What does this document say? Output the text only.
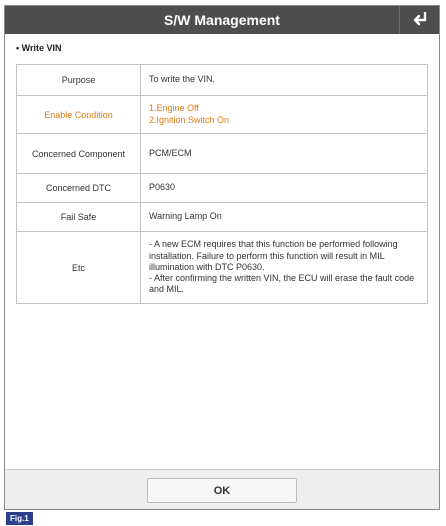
S/W Management
• Write VIN
Purpose	To write the VIN.

Enable Condition	1.Engine Off
2.Ignition Switch On

Concerned Component	PCM/ECM

Concerned DTC	P0630

Fail Safe	Warning Lamp On

Etc	- A new ECM requires that this function be performed following installation. Failure to perform this function will result in MIL illumination with DTC P0630.
- After confirming the written VIN, the ECU will erase the fault code and MIL.
OK
Fig.1
